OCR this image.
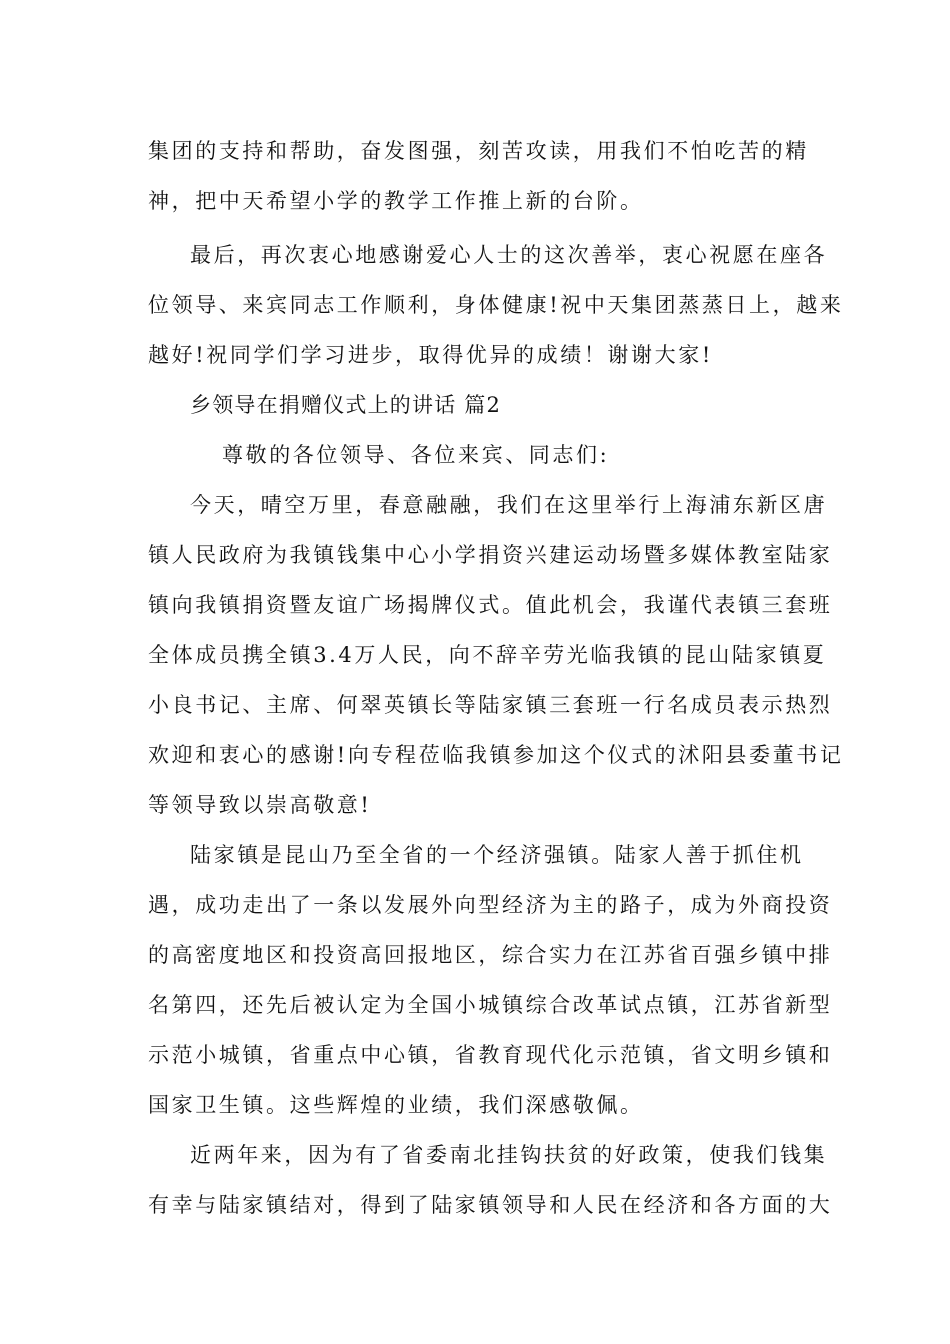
集团的支持和帮助，奋发图强，刻苦攻读，用我们不怕吃苦的精
神，把中天希望小学的教学工作推上新的台阶。
最后，再次衷心地感谢爱心人士的这次善举，衷心祝愿在座各
位领导、来宾同志工作顺利，身体健康!祝中天集团蒸蒸日上，越来
越好!祝同学们学习进步，取得优异的成绩！谢谢大家!
乡领导在捐赠仪式上的讲话 篇2
尊敬的各位领导、各位来宾、同志们:
今天，晴空万里，春意融融，我们在这里举行上海浦东新区唐
镇人民政府为我镇钱集中心小学捐资兴建运动场暨多媒体教室陆家
镇向我镇捐资暨友谊广场揭牌仪式。值此机会，我谨代表镇三套班
全体成员携全镇3.4万人民，向不辞辛劳光临我镇的昆山陆家镇夏
小良书记、主席、何翠英镇长等陆家镇三套班一行名成员表示热烈
欢迎和衷心的感谢!向专程莅临我镇参加这个仪式的沭阳县委董书记
等领导致以崇高敬意!
陆家镇是昆山乃至全省的一个经济强镇。陆家人善于抓住机
遇，成功走出了一条以发展外向型经济为主的路子，成为外商投资
的高密度地区和投资高回报地区，综合实力在江苏省百强乡镇中排
名第四，还先后被认定为全国小城镇综合改革试点镇，江苏省新型
示范小城镇，省重点中心镇，省教育现代化示范镇，省文明乡镇和
国家卫生镇。这些辉煌的业绩，我们深感敬佩。
近两年来，因为有了省委南北挂钩扶贫的好政策，使我们钱集
有幸与陆家镇结对，得到了陆家镇领导和人民在经济和各方面的大
